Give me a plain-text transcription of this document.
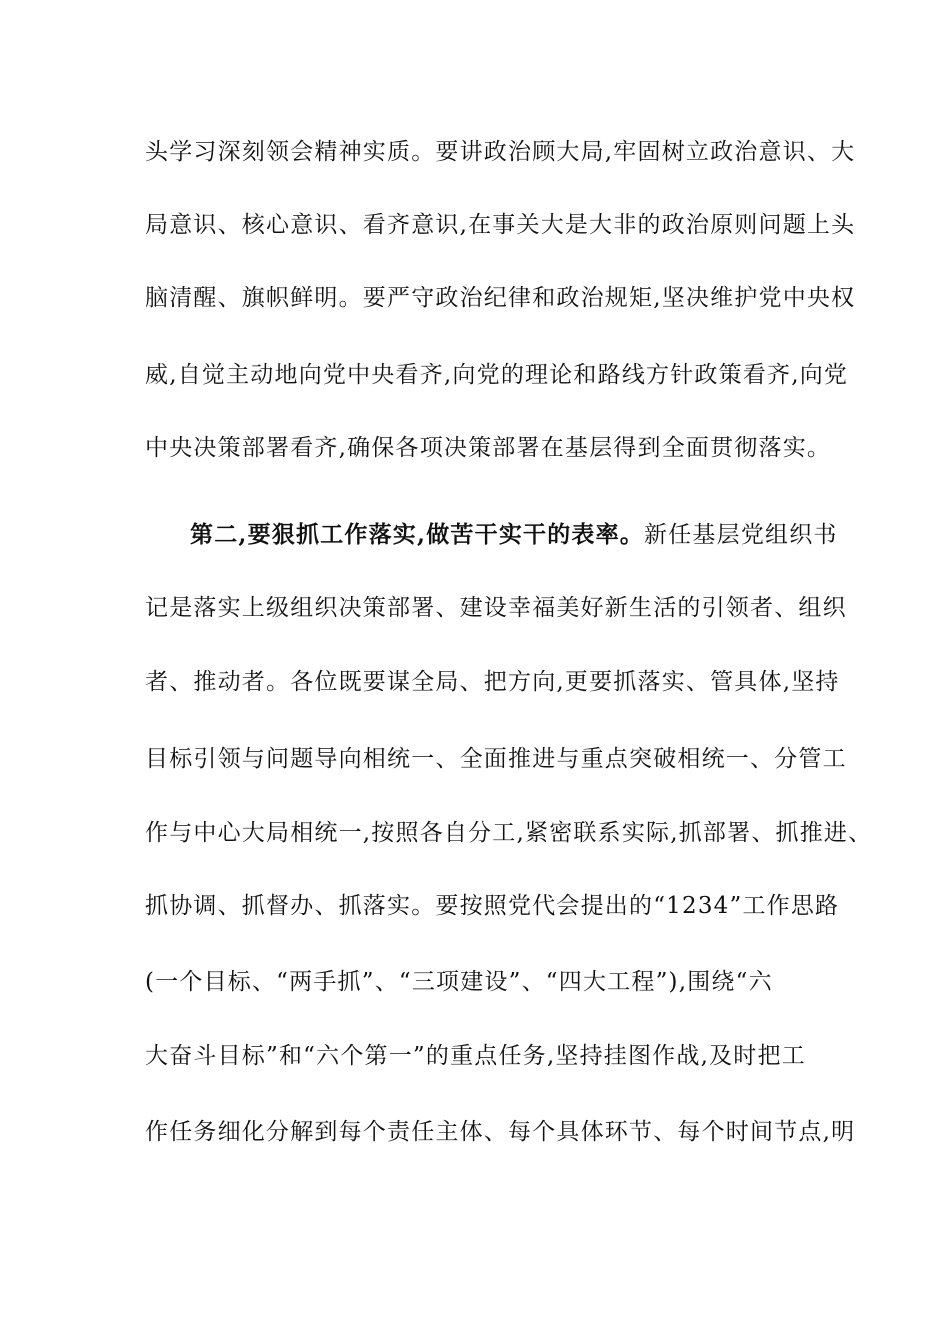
头学习深刻领会精神实质。要讲政治顾大局,牢固树立政治意识、大
局意识、核心意识、看齐意识,在事关大是大非的政治原则问题上头
脑清醒、旗帜鲜明。要严守政治纪律和政治规矩,坚决维护党中央权
威,自觉主动地向党中央看齐,向党的理论和路线方针政策看齐,向党
中央决策部署看齐,确保各项决策部署在基层得到全面贯彻落实。
第二,要狠抓工作落实,做苦干实干的表率。新任基层党组织书
记是落实上级组织决策部署、建设幸福美好新生活的引领者、组织
者、推动者。各位既要谋全局、把方向,更要抓落实、管具体,坚持
目标引领与问题导向相统一、全面推进与重点突破相统一、分管工
作与中心大局相统一,按照各自分工,紧密联系实际,抓部署、抓推进、
抓协调、抓督办、抓落实。要按照党代会提出的“1234”工作思路
(一个目标、“两手抓”、“三项建设”、“四大工程”),围绕“六
大奋斗目标”和“六个第一”的重点任务,坚持挂图作战,及时把工
作任务细化分解到每个责任主体、每个具体环节、每个时间节点,明
